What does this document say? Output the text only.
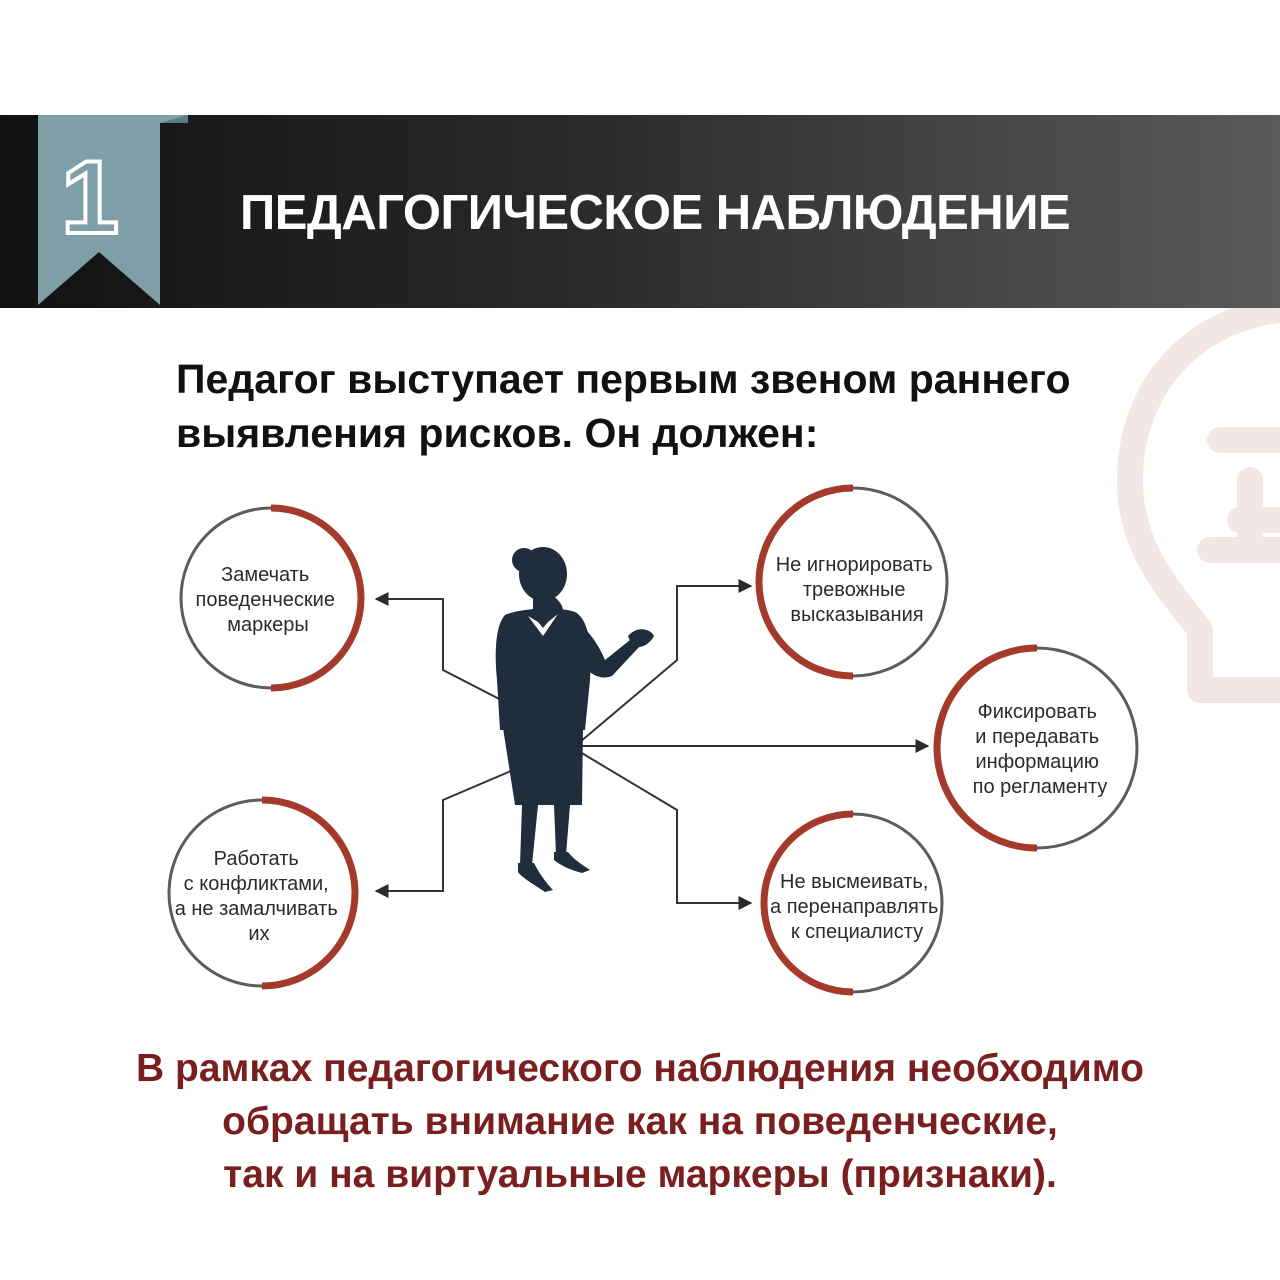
1 ПЕДАГОГИЧЕСКОЕ НАБЛЮДЕНИЕ
Педагог выступает первым звеном раннего
выявления рисков. Он должен:
Замечать поведенческие маркеры
Работать с конфликтами, а не замалчивать их
Не игнорировать тревожные высказывания
Фиксировать и передавать информацию по регламенту
Не высмеивать, а перенаправлять к специалисту
В рамках педагогического наблюдения необходимо
обращать внимание как на поведенческие,
так и на виртуальные маркеры (признаки).
